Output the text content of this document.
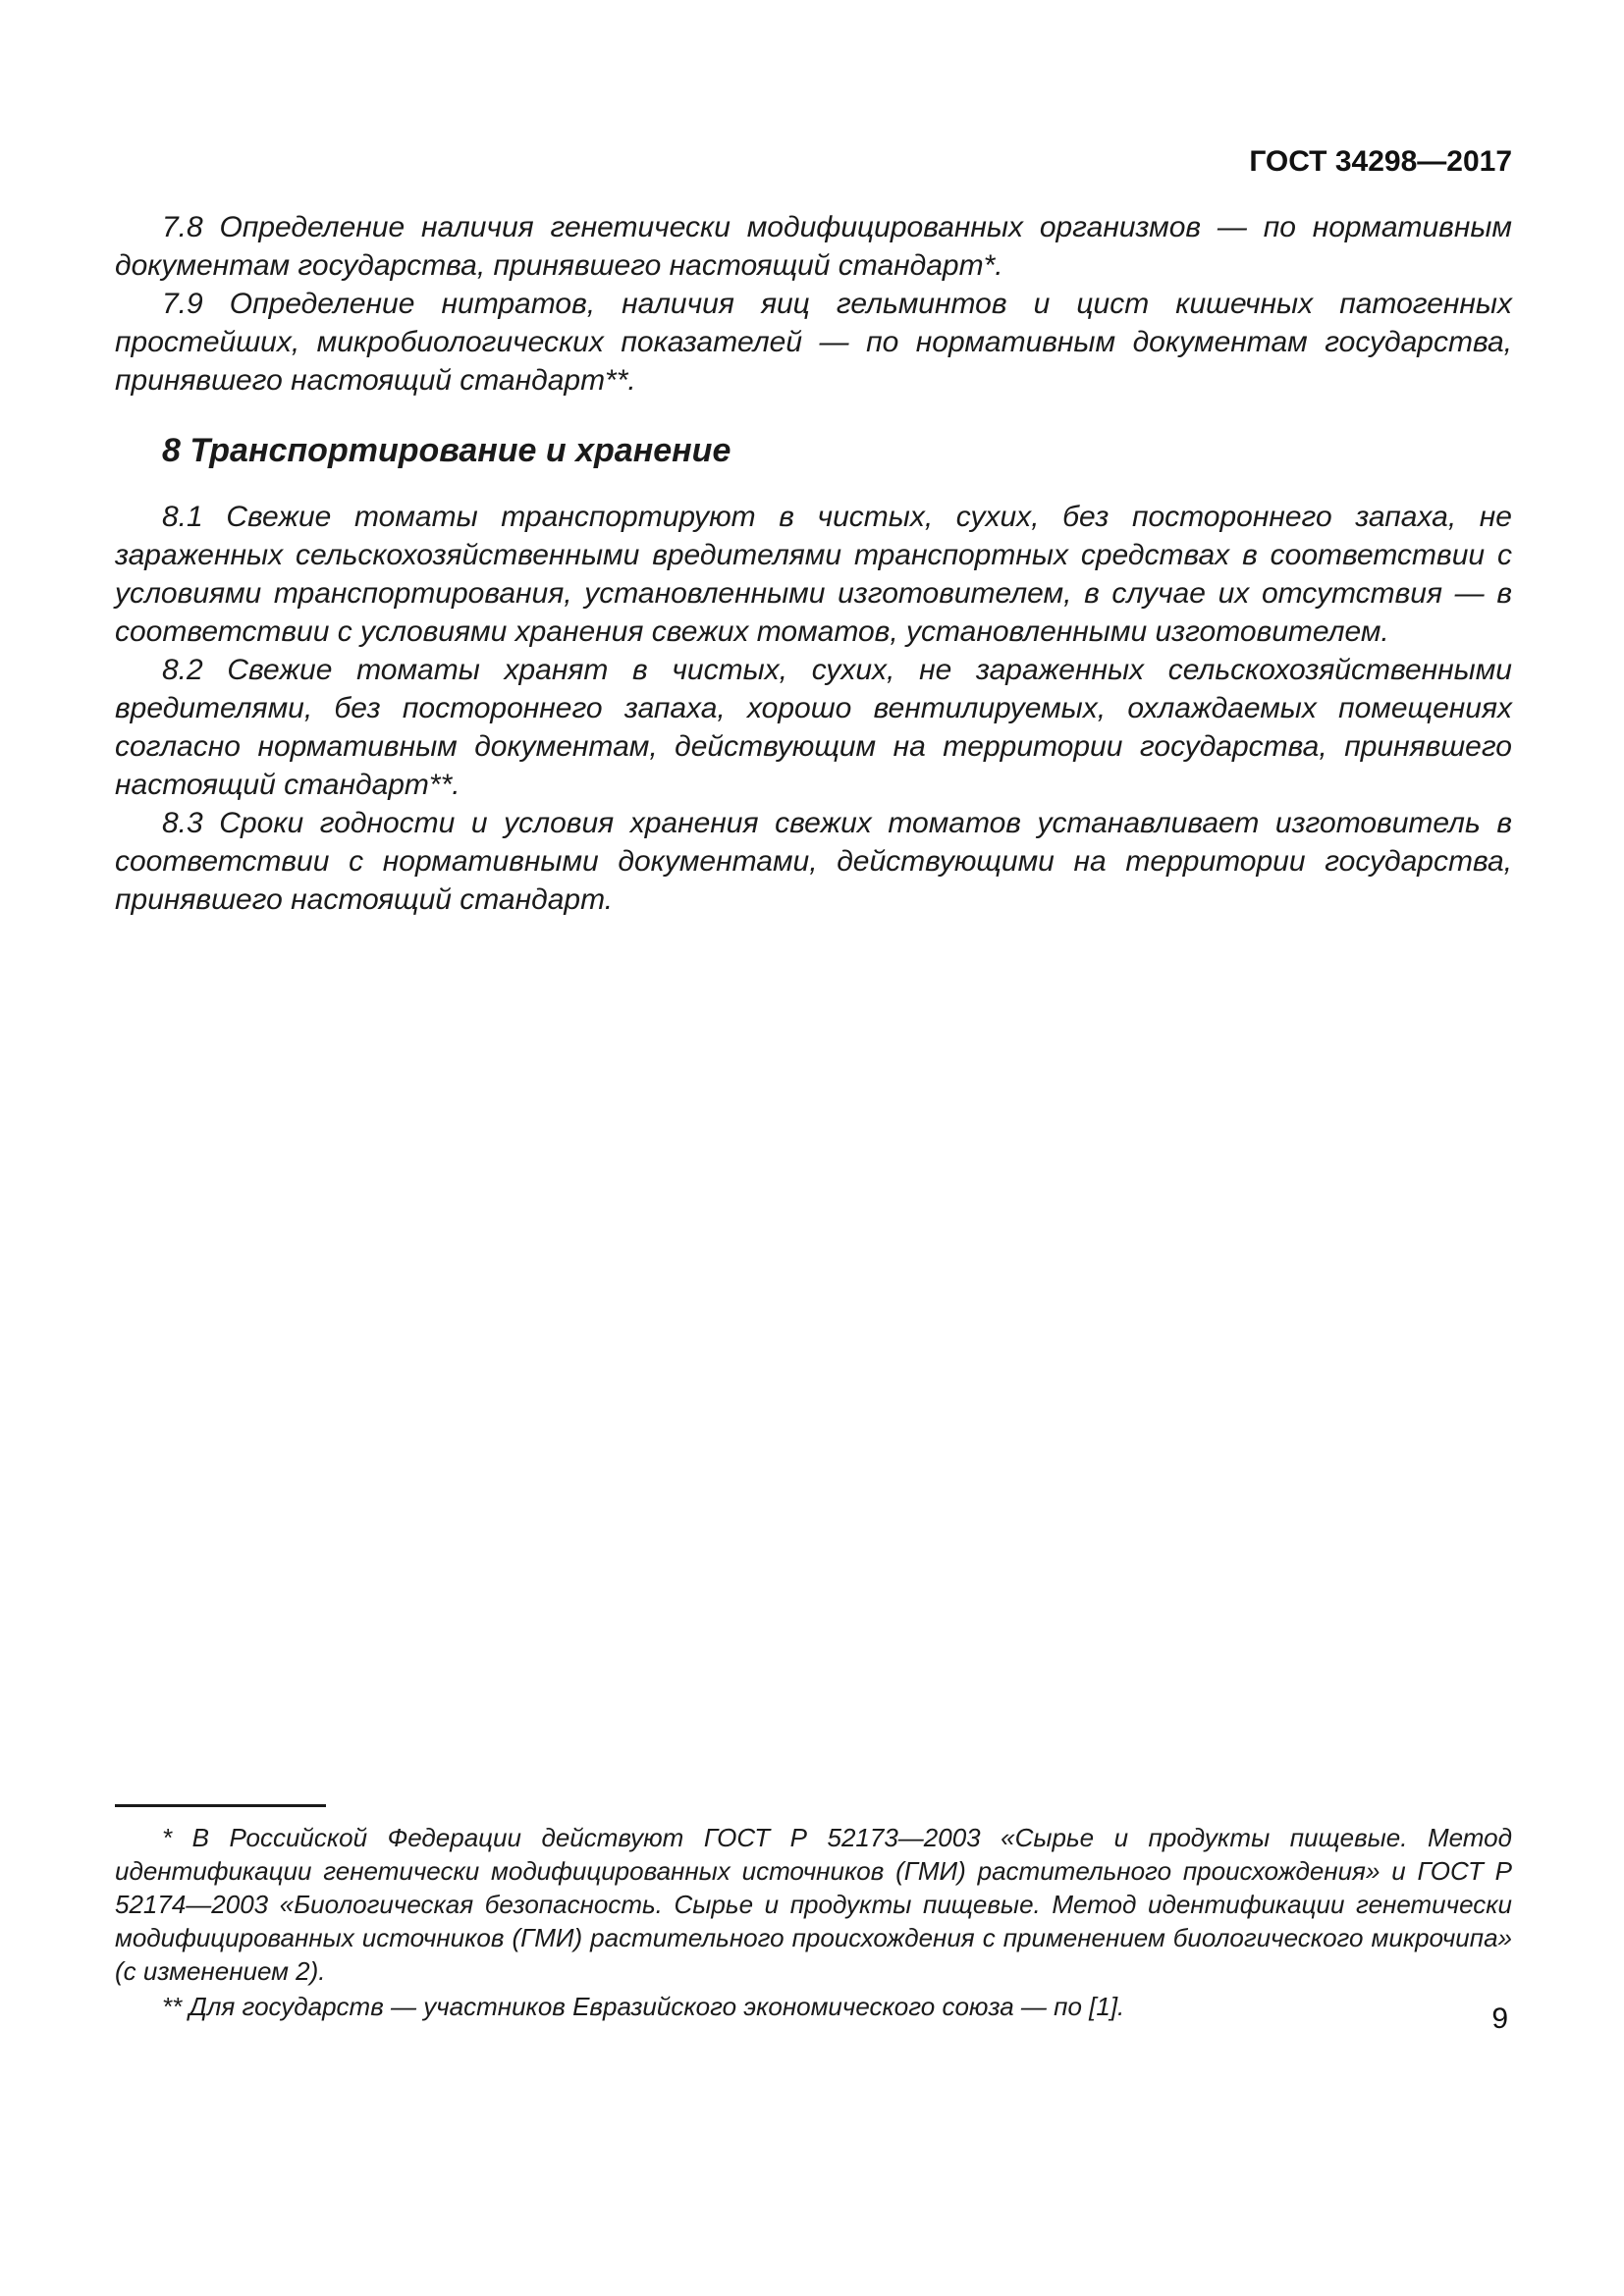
ГОСТ 34298—2017

7.8 Определение наличия генетически модифицированных организмов — по нормативным документам государства, принявшего настоящий стандарт*.

7.9 Определение нитратов, наличия яиц гельминтов и цист кишечных патогенных простейших, микробиологических показателей — по нормативным документам государства, принявшего настоящий стандарт**.

8 Транспортирование и хранение

8.1 Свежие томаты транспортируют в чистых, сухих, без постороннего запаха, не зараженных сельскохозяйственными вредителями транспортных средствах в соответствии с условиями транспортирования, установленными изготовителем, в случае их отсутствия — в соответствии с условиями хранения свежих томатов, установленными изготовителем.

8.2 Свежие томаты хранят в чистых, сухих, не зараженных сельскохозяйственными вредителями, без постороннего запаха, хорошо вентилируемых, охлаждаемых помещениях согласно нормативным документам, действующим на территории государства, принявшего настоящий стандарт**.

8.3 Сроки годности и условия хранения свежих томатов устанавливает изготовитель в соответствии с нормативными документами, действующими на территории государства, принявшего настоящий стандарт.

* В Российской Федерации действуют ГОСТ Р 52173—2003 «Сырье и продукты пищевые. Метод идентификации генетически модифицированных источников (ГМИ) растительного происхождения» и ГОСТ Р 52174—2003 «Биологическая безопасность. Сырье и продукты пищевые. Метод идентификации генетически модифицированных источников (ГМИ) растительного происхождения с применением биологического микрочипа» (с изменением 2).

** Для государств — участников Евразийского экономического союза — по [1].	9
